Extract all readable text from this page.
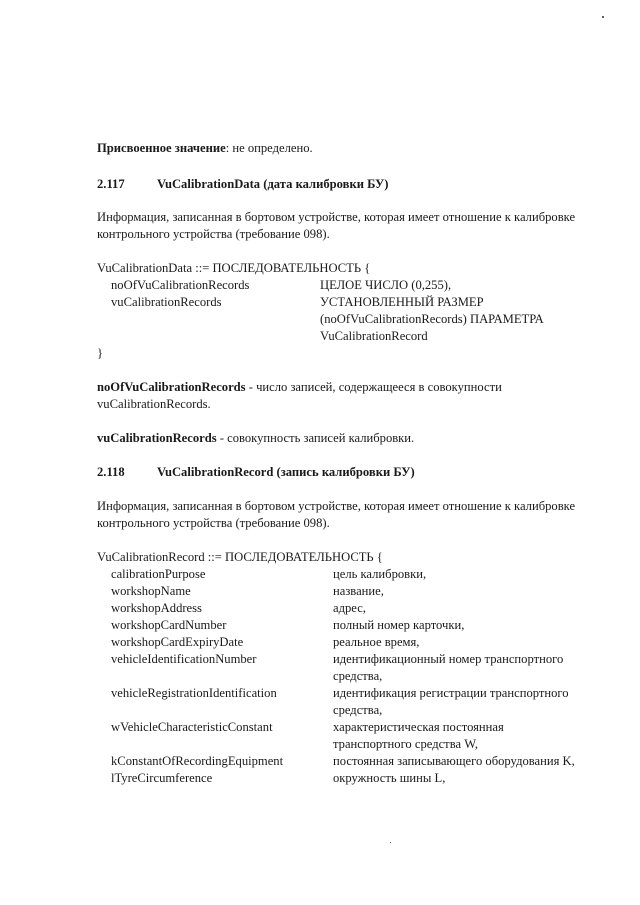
Присвоенное значение: не определено.
2.117	VuCalibrationData (дата калибровки БУ)
Информация, записанная в бортовом устройстве, которая имеет отношение к калибровке
контрольного устройства (требование 098).
VuCalibrationData ::= ПОСЛЕДОВАТЕЛЬНОСТЬ {
noOfVuCalibrationRecords	ЦЕЛОЕ ЧИСЛО (0,255),
vuCalibrationRecords	УСТАНОВЛЕННЫЙ РАЗМЕР
(noOfVuCalibrationRecords) ПАРАМЕТРА
VuCalibrationRecord
}
noOfVuCalibrationRecords - число записей, содержащееся в совокупности
vuCalibrationRecords.
vuCalibrationRecords - совокупность записей калибровки.
2.118	VuCalibrationRecord (запись калибровки БУ)
Информация, записанная в бортовом устройстве, которая имеет отношение к калибровке
контрольного устройства (требование 098).
VuCalibrationRecord ::= ПОСЛЕДОВАТЕЛЬНОСТЬ {
calibrationPurpose	цель калибровки,
workshopName	название,
workshopAddress	адрес,
workshopCardNumber	полный номер карточки,
workshopCardExpiryDate	реальное время,
vehicleIdentificationNumber	идентификационный номер транспортного
средства,
vehicleRegistrationIdentification	идентификация регистрации транспортного
средства,
wVehicleCharacteristicConstant	характеристическая постоянная
транспортного средства W,
kConstantOfRecordingEquipment	постоянная записывающего оборудования K,
lTyreCircumference	окружность шины L,
